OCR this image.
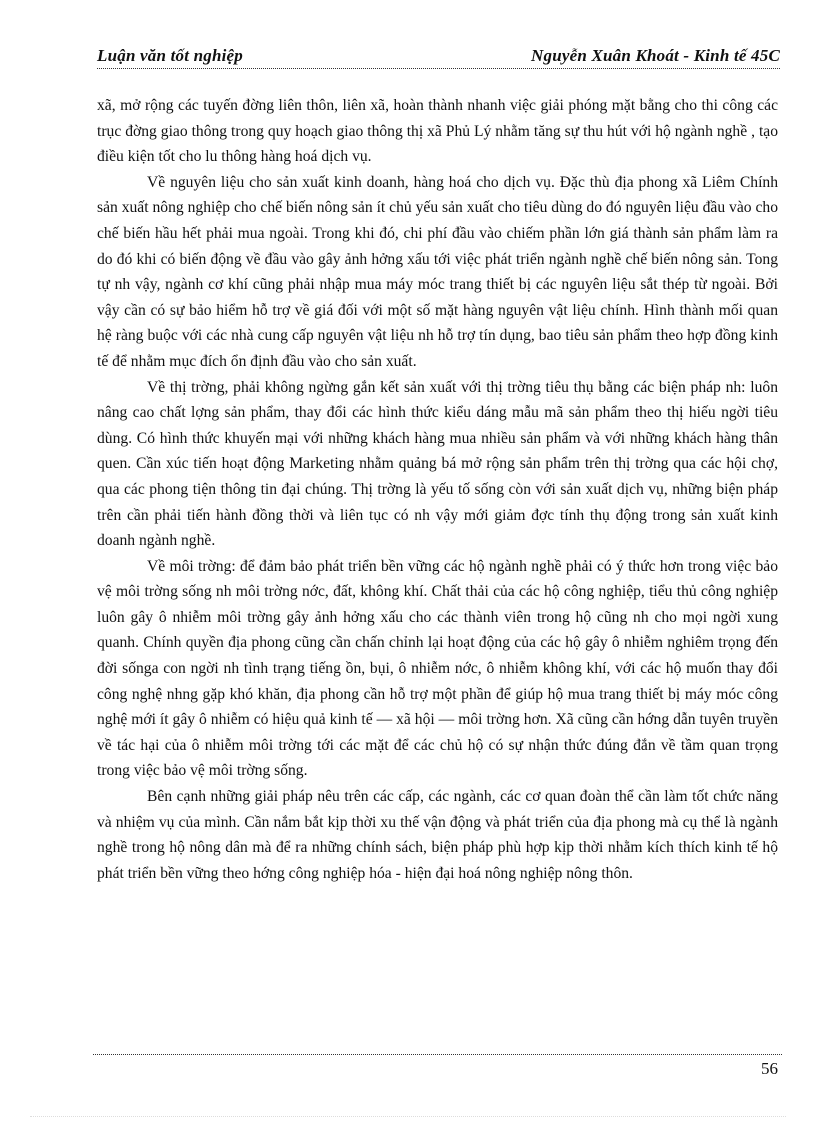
Luận văn tốt nghiệp	Nguyễn Xuân Khoát - Kinh tế 45C

xã, mở rộng các tuyến đờng liên thôn, liên xã, hoàn thành nhanh việc giải phóng mặt bằng cho thi công các trục đờng giao thông trong quy hoạch giao thông thị xã Phủ Lý nhằm tăng sự thu hút với hộ ngành nghề , tạo điều kiện tốt cho lu thông hàng hoá dịch vụ.

Về nguyên liệu cho sản xuất kinh doanh, hàng hoá cho dịch vụ. Đặc thù địa phong xã Liêm Chính sản xuất nông nghiệp cho chế biến nông sản ít chủ yếu sản xuất cho tiêu dùng do đó nguyên liệu đầu vào cho chế biến hầu hết phải mua ngoài. Trong khi đó, chi phí đầu vào chiếm phần lớn giá thành sản phẩm làm ra do đó khi có biến động về đầu vào gây ảnh hởng xấu tới việc phát triển ngành nghề chế biến nông sản. Tong tự nh vậy, ngành cơ khí cũng phải nhập mua máy móc trang thiết bị các nguyên liệu sắt thép từ ngoài. Bởi vậy cần có sự bảo hiểm hỗ trợ về giá đối với một số mặt hàng nguyên vật liệu chính. Hình thành mối quan hệ ràng buộc với các nhà cung cấp nguyên vật liệu nh hỗ trợ tín dụng, bao tiêu sản phẩm theo hợp đồng kinh tế để nhằm mục đích ổn định đầu vào cho sản xuất.

Về thị trờng, phải không ngừng gắn kết sản xuất với thị trờng tiêu thụ bằng các biện pháp nh: luôn nâng cao chất lợng sản phẩm, thay đổi các hình thức kiểu dáng mẫu mã sản phẩm theo thị hiếu ngời tiêu dùng. Có hình thức khuyến mại với những khách hàng mua nhiều sản phẩm và với những khách hàng thân quen. Cần xúc tiến hoạt động Marketing nhằm quảng bá mở rộng sản phẩm trên thị trờng qua các hội chợ, qua các phong tiện thông tin đại chúng. Thị trờng là yếu tố sống còn với sản xuất dịch vụ, những biện pháp trên cần phải tiến hành đồng thời và liên tục có nh vậy mới giảm đợc tính thụ động trong sản xuất kinh doanh ngành nghề.

Về môi trờng: để đảm bảo phát triển bền vững các hộ ngành nghề phải có ý thức hơn trong việc bảo vệ môi trờng sống nh môi trờng nớc, đất, không khí. Chất thải của các hộ công nghiệp, tiểu thủ công nghiệp luôn gây ô nhiễm môi trờng gây ảnh hởng xấu cho các thành viên trong hộ cũng nh cho mọi ngời xung quanh. Chính quyền địa phong cũng cần chấn chỉnh lại hoạt động của các hộ gây ô nhiễm nghiêm trọng đến đời sốnga con ngời nh tình trạng tiếng ồn, bụi, ô nhiễm nớc, ô nhiễm không khí, với các hộ muốn thay đổi công nghệ nhng gặp khó khăn, địa phong cần hỗ trợ một phần để giúp hộ mua trang thiết bị máy móc công nghệ mới ít gây ô nhiễm có hiệu quả kinh tế — xã hội — môi trờng hơn. Xã cũng cần hớng dẫn tuyên truyền về tác hại của ô nhiễm môi trờng tới các mặt để các chủ hộ có sự nhận thức đúng đắn về tầm quan trọng trong việc bảo vệ môi trờng sống.

Bên cạnh những giải pháp nêu trên các cấp, các ngành, các cơ quan đoàn thể cần làm tốt chức năng và nhiệm vụ của mình. Cần nắm bắt kịp thời xu thế vận động và phát triển của địa phong mà cụ thể là ngành nghề trong hộ nông dân mà để ra những chính sách, biện pháp phù hợp kịp thời nhằm kích thích kinh tế hộ phát triển bền vững theo hớng công nghiệp hóa - hiện đại hoá nông nghiệp nông thôn.

56
